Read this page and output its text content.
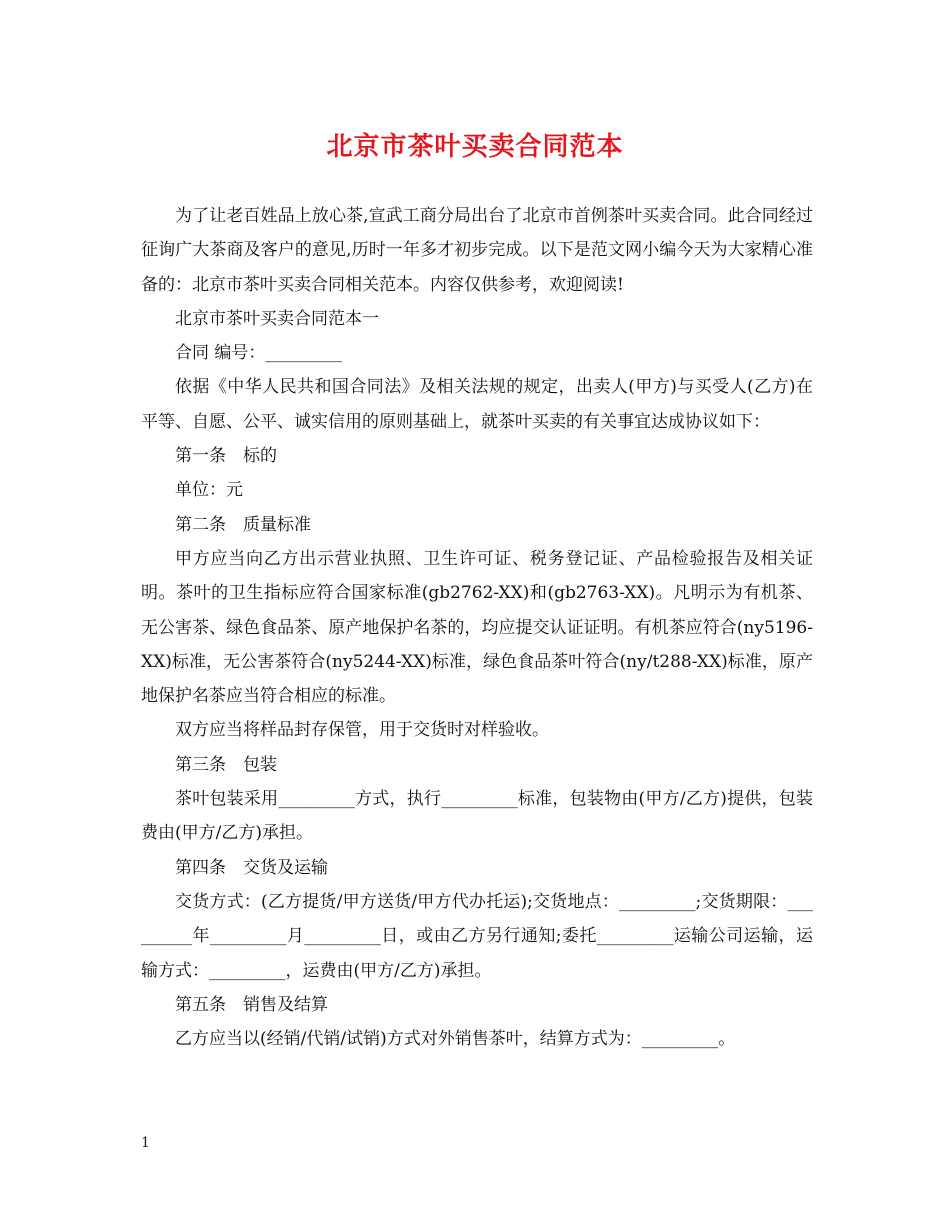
北京市茶叶买卖合同范本

为了让老百姓品上放心茶,宣武工商分局出台了北京市首例茶叶买卖合同。此合同经过征询广大茶商及客户的意见,历时一年多才初步完成。以下是范文网小编今天为大家精心准备的：北京市茶叶买卖合同相关范本。内容仅供参考，欢迎阅读!

北京市茶叶买卖合同范本一

合同 编号：_________

依据《中华人民共和国合同法》及相关法规的规定，出卖人(甲方)与买受人(乙方)在平等、自愿、公平、诚实信用的原则基础上，就茶叶买卖的有关事宜达成协议如下：

第一条　标的

单位：元

第二条　质量标准

甲方应当向乙方出示营业执照、卫生许可证、税务登记证、产品检验报告及相关证明。茶叶的卫生指标应符合国家标准(gb2762-XX)和(gb2763-XX)。凡明示为有机茶、无公害茶、绿色食品茶、原产地保护名茶的，均应提交认证证明。有机茶应符合(ny5196-XX)标准，无公害茶符合(ny5244-XX)标准，绿色食品茶叶符合(ny/t288-XX)标准，原产地保护名茶应当符合相应的标准。

双方应当将样品封存保管，用于交货时对样验收。

第三条　包装

茶叶包装采用_________方式，执行_________标准，包装物由(甲方/乙方)提供，包装费由(甲方/乙方)承担。

第四条　交货及运输

交货方式：(乙方提货/甲方送货/甲方代办托运);交货地点：_________;交货期限：_________年_________月_________日，或由乙方另行通知;委托_________运输公司运输，运输方式：_________，运费由(甲方/乙方)承担。

第五条　销售及结算

乙方应当以(经销/代销/试销)方式对外销售茶叶，结算方式为：_________。

1
